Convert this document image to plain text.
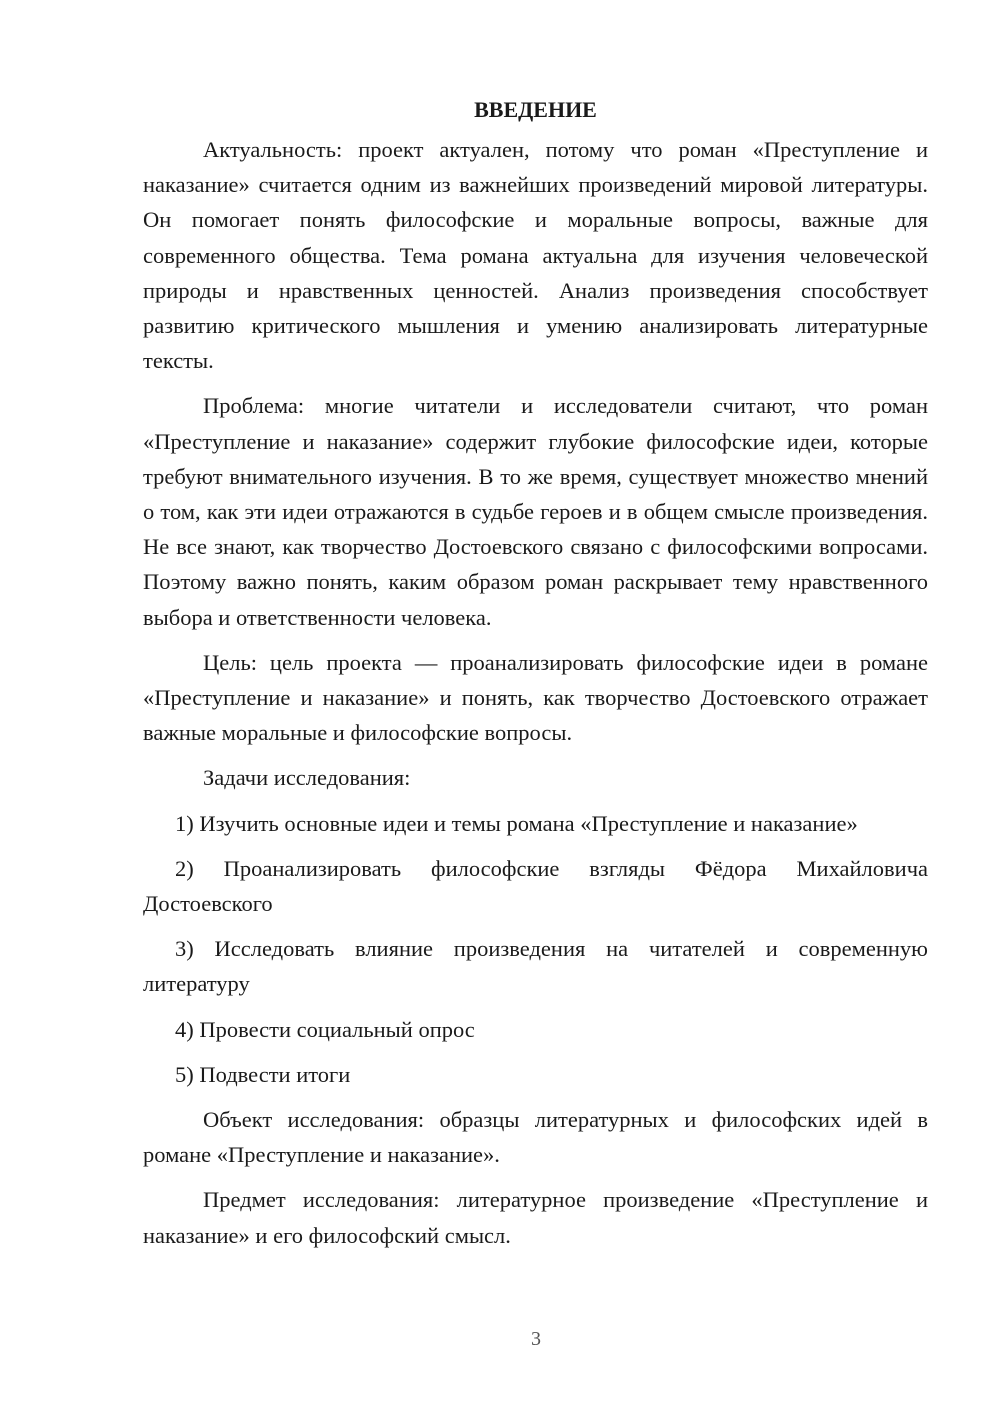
ВВЕДЕНИЕ

Актуальность: проект актуален, потому что роман «Преступление и наказание» считается одним из важнейших произведений мировой литературы. Он помогает понять философские и моральные вопросы, важные для современного общества. Тема романа актуальна для изучения человеческой природы и нравственных ценностей. Анализ произведения способствует развитию критического мышления и умению анализировать литературные тексты.

Проблема: многие читатели и исследователи считают, что роман «Преступление и наказание» содержит глубокие философские идеи, которые требуют внимательного изучения. В то же время, существует множество мнений о том, как эти идеи отражаются в судьбе героев и в общем смысле произведения. Не все знают, как творчество Достоевского связано с философскими вопросами. Поэтому важно понять, каким образом роман раскрывает тему нравственного выбора и ответственности человека.

Цель: цель проекта — проанализировать философские идеи в романе «Преступление и наказание» и понять, как творчество Достоевского отражает важные моральные и философские вопросы.

Задачи исследования:

1) Изучить основные идеи и темы романа «Преступление и наказание»

2) Проанализировать философские взгляды Фёдора Михайловича Достоевского

3) Исследовать влияние произведения на читателей и современную литературу

4) Провести социальный опрос

5) Подвести итоги

Объект исследования: образцы литературных и философских идей в романе «Преступление и наказание».

Предмет исследования: литературное произведение «Преступление и наказание» и его философский смысл.

3
